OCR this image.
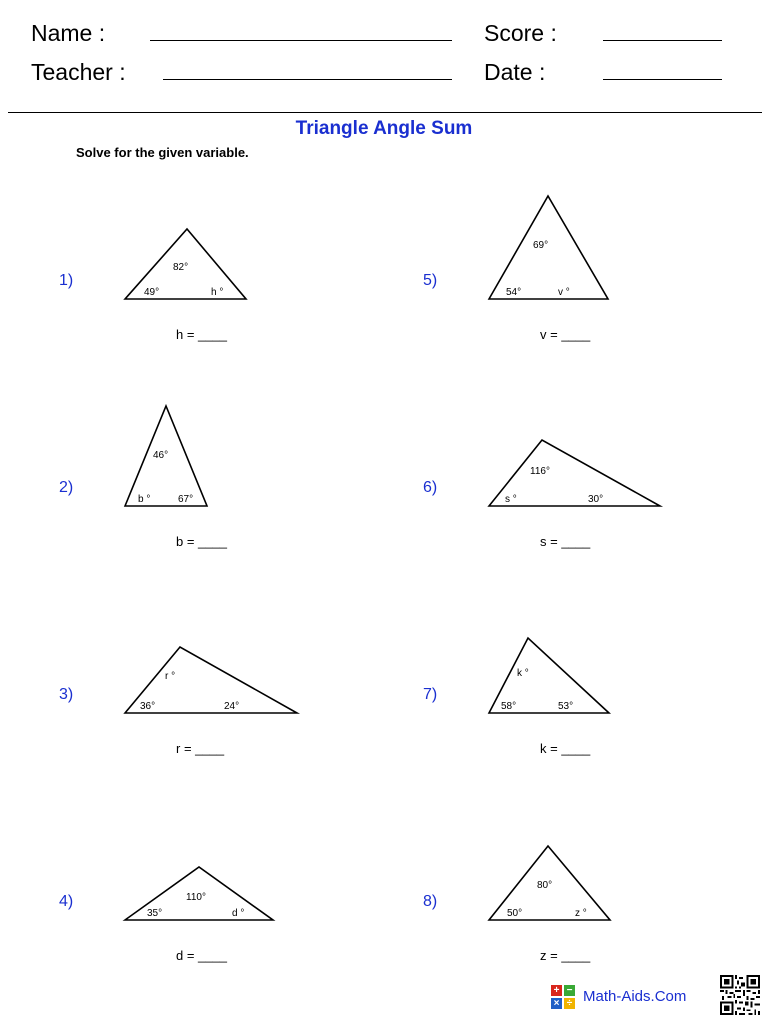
Name :	Score :
Teacher :	Date :
Triangle Angle Sum
Solve for the given variable.
1)
2)
3)
4)
5)
6)
7)
8)
82°
49°	h °
46°
b °	67°
r °
36°	24°
110°
35°	d °
69°
54°	v °
116°
s °	30°
k °
58°	53°
80°
50°	z °
h = ____
b = ____
r = ____
d = ____
v = ____
s = ____
k = ____
z = ____
+ −
× ÷ Math-Aids.Com
